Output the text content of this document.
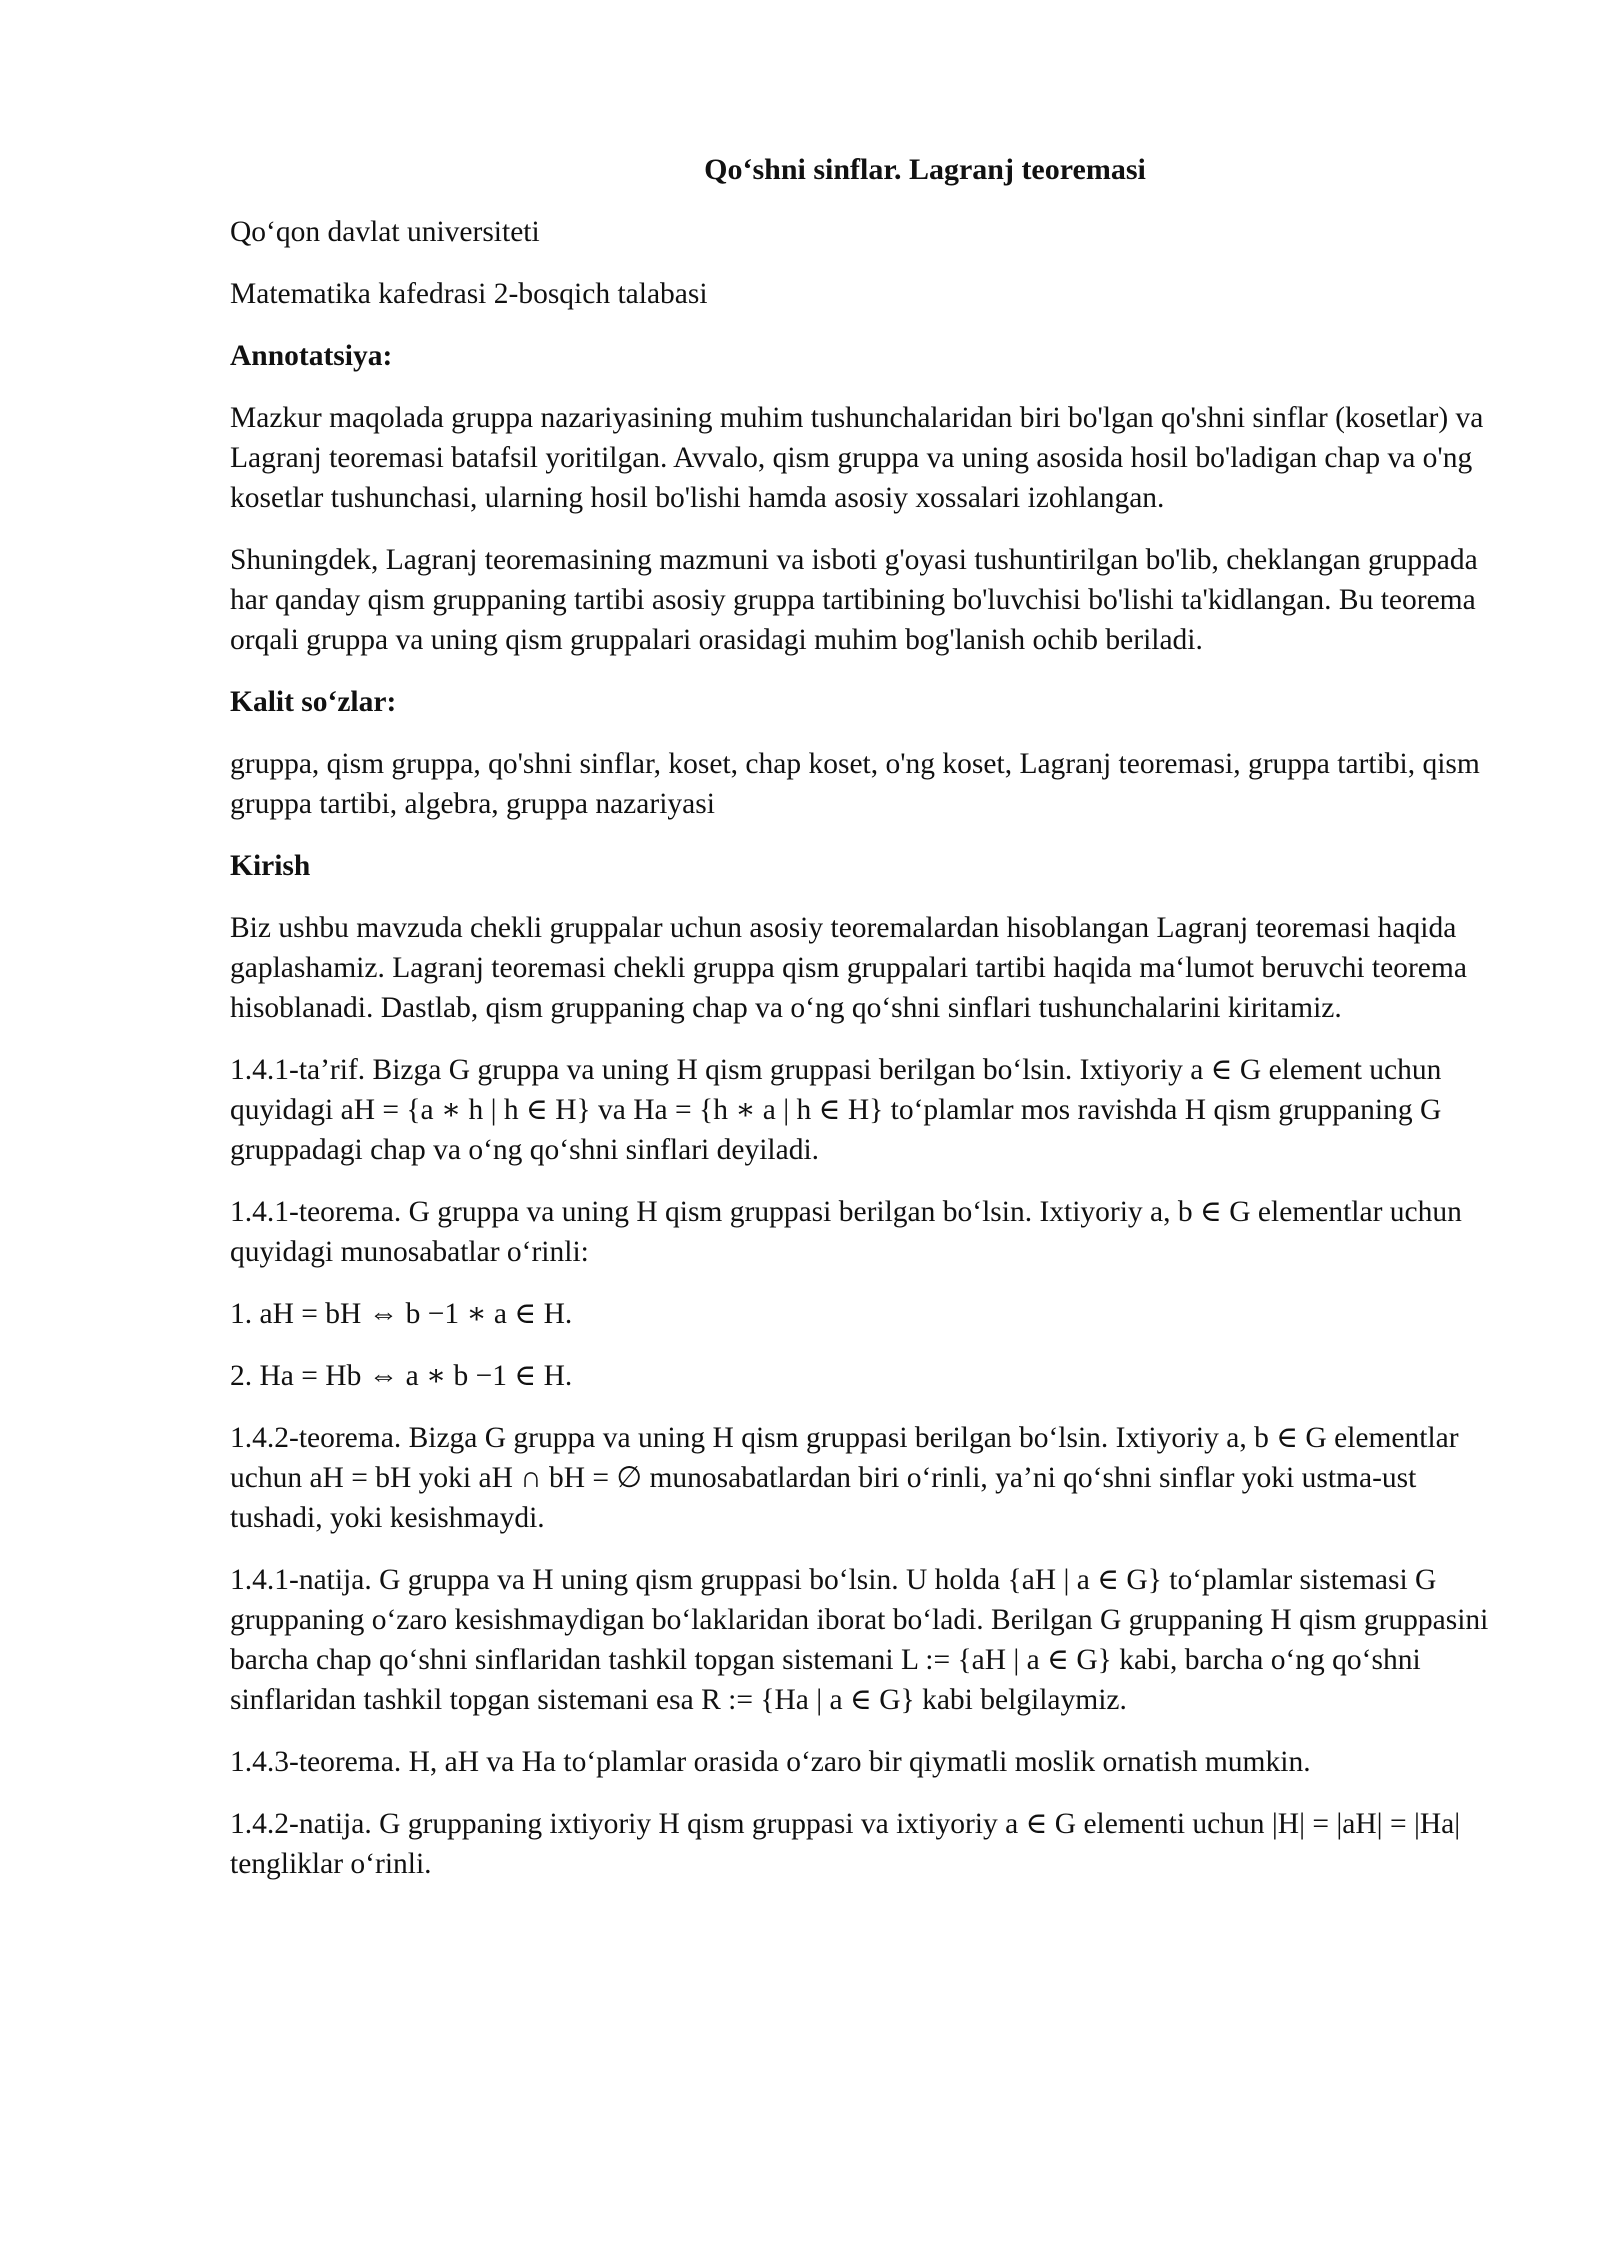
Qo‘shni sinflar. Lagranj teoremasi

Qo‘qon davlat universiteti

Matematika kafedrasi 2-bosqich talabasi

Annotatsiya:

Mazkur maqolada gruppa nazariyasining muhim tushunchalaridan biri bo'lgan qo'shni sinflar (kosetlar) va Lagranj teoremasi batafsil yoritilgan. Avvalo, qism gruppa va uning asosida hosil bo'ladigan chap va o'ng kosetlar tushunchasi, ularning hosil bo'lishi hamda asosiy xossalari izohlangan.

Shuningdek, Lagranj teoremasining mazmuni va isboti g'oyasi tushuntirilgan bo'lib, cheklangan gruppada har qanday qism gruppaning tartibi asosiy gruppa tartibining bo'luvchisi bo'lishi ta'kidlangan. Bu teorema orqali gruppa va uning qism gruppalari orasidagi muhim bog'lanish ochib beriladi.

Kalit so‘zlar:

gruppa, qism gruppa, qo'shni sinflar, koset, chap koset, o'ng koset, Lagranj teoremasi, gruppa tartibi, qism gruppa tartibi, algebra, gruppa nazariyasi

Kirish

Biz ushbu mavzuda chekli gruppalar uchun asosiy teoremalardan hisoblangan Lagranj teoremasi haqida gaplashamiz. Lagranj teoremasi chekli gruppa qism gruppalari tartibi haqida ma‘lumot beruvchi teorema hisoblanadi. Dastlab, qism gruppaning chap va o‘ng qo‘shni sinflari tushunchalarini kiritamiz.

1.4.1-ta’rif. Bizga G gruppa va uning H qism gruppasi berilgan bo‘lsin. Ixtiyoriy a ∈ G element uchun quyidagi aH = {a ∗ h | h ∈ H} va Ha = {h ∗ a | h ∈ H} to‘plamlar mos ravishda H qism gruppaning G gruppadagi chap va o‘ng qo‘shni sinflari deyiladi.

1.4.1-teorema. G gruppa va uning H qism gruppasi berilgan bo‘lsin. Ixtiyoriy a, b ∈ G elementlar uchun quyidagi munosabatlar o‘rinli:

1. aH = bH ⇔ b −1 ∗ a ∈ H.

2. Ha = Hb ⇔ a ∗ b −1 ∈ H.

1.4.2-teorema. Bizga G gruppa va uning H qism gruppasi berilgan bo‘lsin. Ixtiyoriy a, b ∈ G elementlar uchun aH = bH yoki aH ∩ bH = ∅ munosabatlardan biri o‘rinli, ya’ni qo‘shni sinflar yoki ustma-ust tushadi, yoki kesishmaydi.

1.4.1-natija. G gruppa va H uning qism gruppasi bo‘lsin. U holda {aH | a ∈ G} to‘plamlar sistemasi G gruppaning o‘zaro kesishmaydigan bo‘laklaridan iborat bo‘ladi. Berilgan G gruppaning H qism gruppasini barcha chap qo‘shni sinflaridan tashkil topgan sistemani L := {aH | a ∈ G} kabi, barcha o‘ng qo‘shni sinflaridan tashkil topgan sistemani esa R := {Ha | a ∈ G} kabi belgilaymiz.

1.4.3-teorema. H, aH va Ha to‘plamlar orasida o‘zaro bir qiymatli moslik ornatish mumkin.

1.4.2-natija. G gruppaning ixtiyoriy H qism gruppasi va ixtiyoriy a ∈ G elementi uchun |H| = |aH| = |Ha| tengliklar o‘rinli.
